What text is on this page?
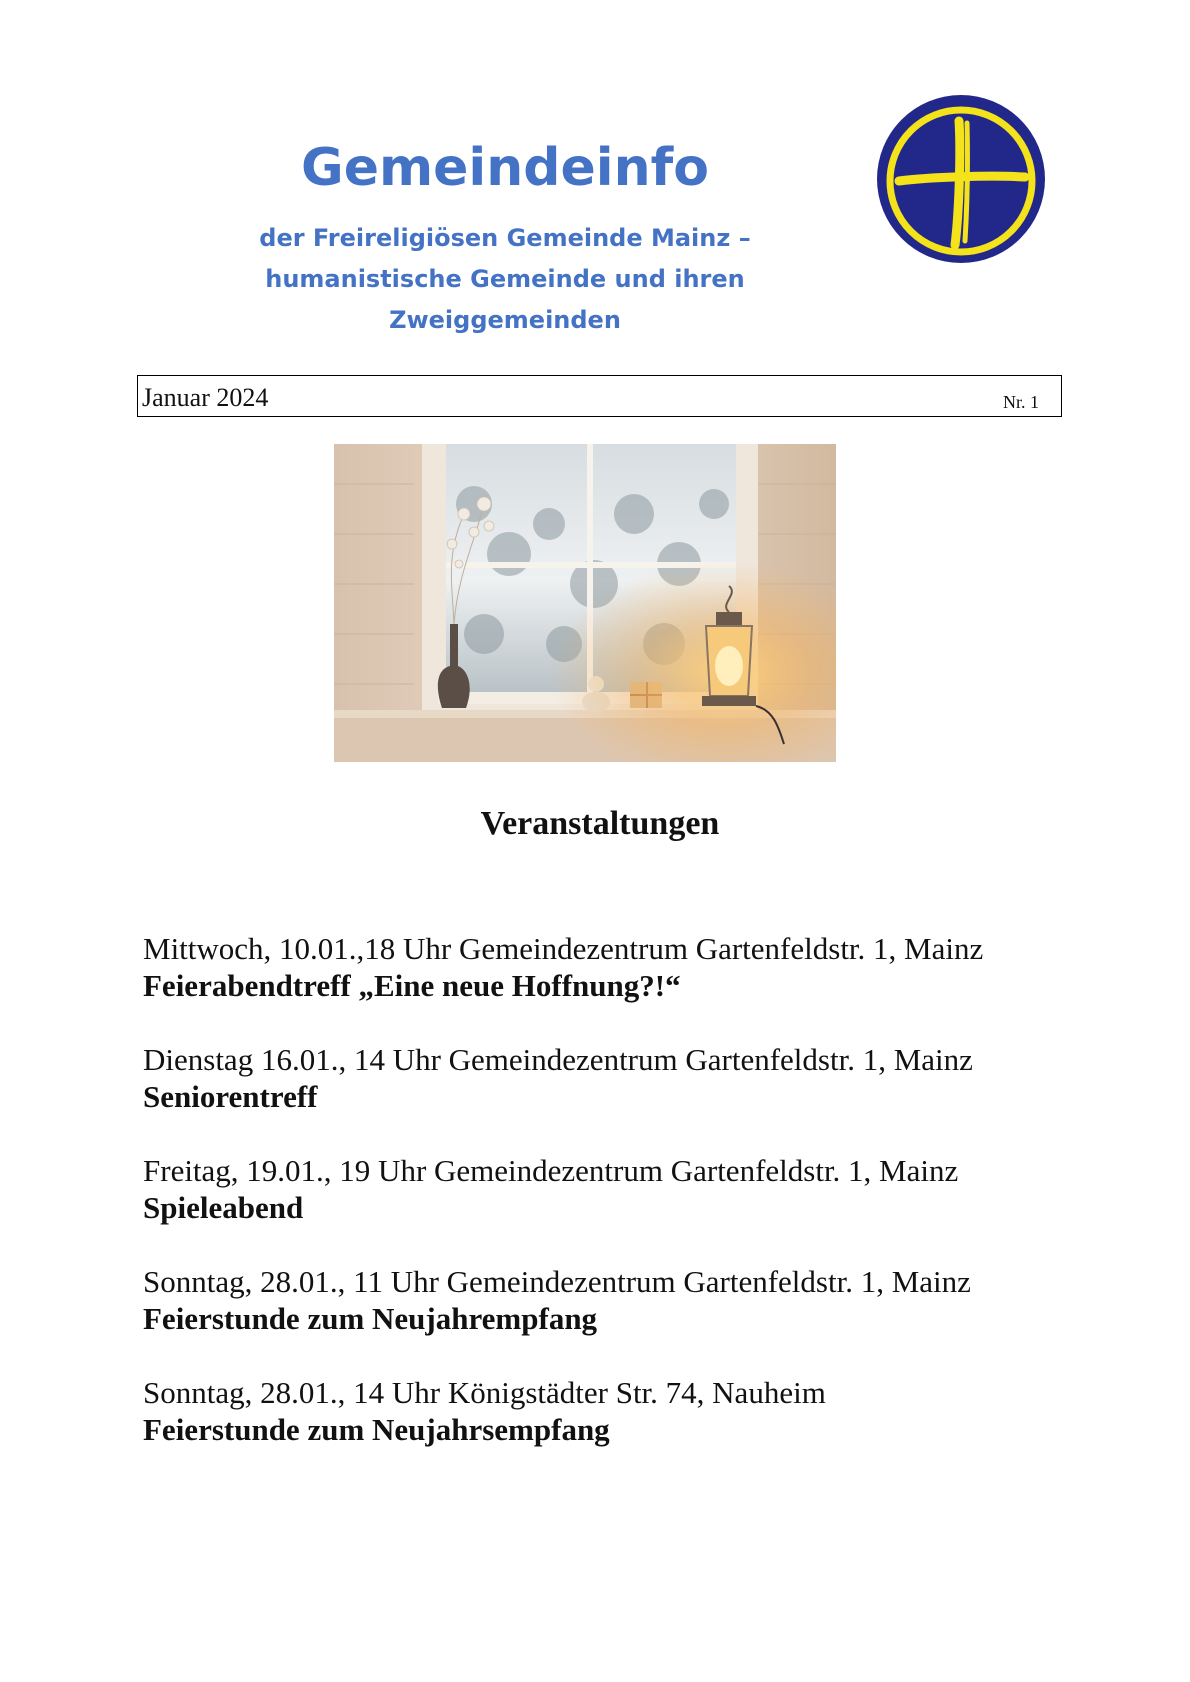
Gemeindeinfo
der Freireligiösen Gemeinde Mainz –
humanistische Gemeinde und ihren
Zweiggemeinden
Januar 2024	Nr. 1
Veranstaltungen
Mittwoch, 10.01.,18 Uhr Gemeindezentrum Gartenfeldstr. 1, Mainz
Feierabendtreff „Eine neue Hoffnung?!“
Dienstag 16.01., 14 Uhr Gemeindezentrum Gartenfeldstr. 1, Mainz
Seniorentreff
Freitag, 19.01., 19 Uhr Gemeindezentrum Gartenfeldstr. 1, Mainz
Spieleabend
Sonntag, 28.01., 11 Uhr Gemeindezentrum Gartenfeldstr. 1, Mainz
Feierstunde zum Neujahrempfang
Sonntag, 28.01., 14 Uhr Königstädter Str. 74, Nauheim
Feierstunde zum Neujahrsempfang
